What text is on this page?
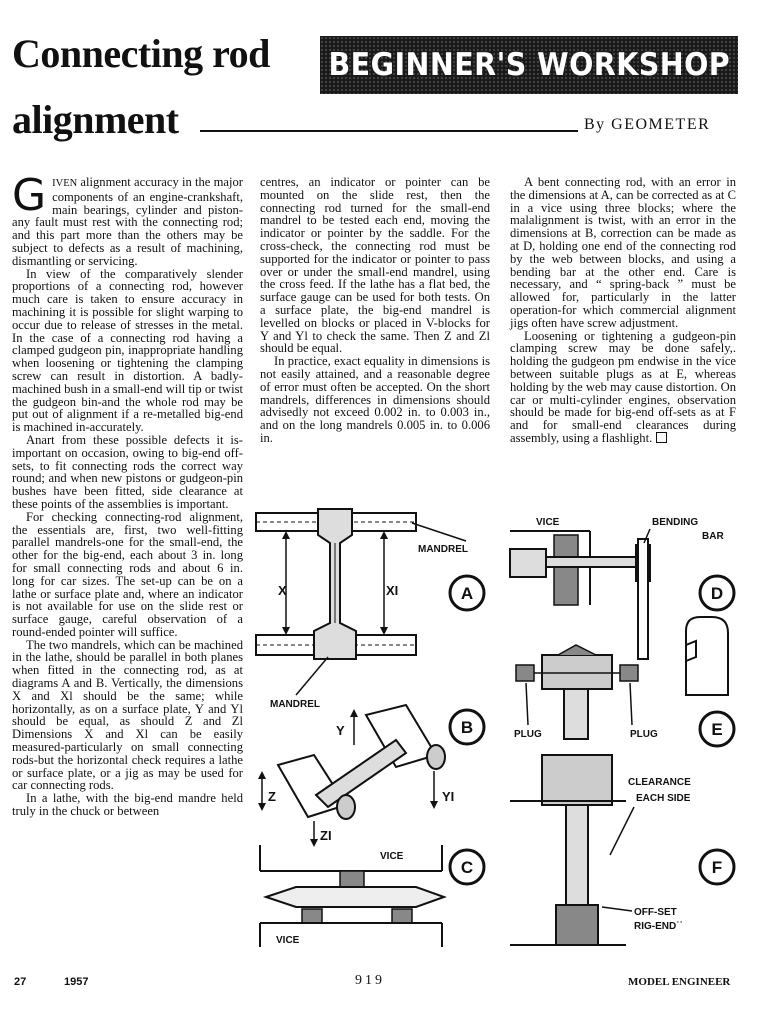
Connecting rod
alignment	By GEOMETER
BEGINNER'S WORKSHOP

GIVEN alignment accuracy in the major components of an engine-crankshaft, main bearings, cylinder and piston-any fault must rest with the connecting rod; and this part more than the others may be subject to defects as a result of machining, dismantling or servicing.

In view of the comparatively slender proportions of a connecting rod, however much care is taken to ensure accuracy in machining it is possible for slight warping to occur due to release of stresses in the metal. In the case of a connecting rod having a clamped gudgeon pin, inappropriate handling when loosening or tightening the clamping screw can result in distortion. A badly-machined bush in a small-end will tip or twist the gudgeon bin-and the whole rod may be put out of alignment if a re-metalled big-end is machined in-accurately.

Anart from these possible defects it is-important on occasion, owing to big-end off-sets, to fit connecting rods the correct way round; and when new pistons or gudgeon-pin bushes have been fitted, side clearance at these points of the assemblies is important.

For checking connecting-rod alignment, the essentials are, first, two well-fitting parallel mandrels-one for the small-end, the other for the big-end, each about 3 in. long for small connecting rods and about 6 in. long for car sizes. The set-up can be on a lathe or surface plate and, where an indicator is not available for use on the slide rest or surface gauge, careful observation of a round-ended pointer will suffice.

The two mandrels, which can be machined in the lathe, should be parallel in both planes when fitted in the connecting rod, as at diagrams A and B. Vertically, the dimensions X and Xl should be the same; while horizontally, as on a surface plate, Y and Yl should be equal, as should Z and Zl Dimensions X and Xl can be easily measured-particularly on small connecting rods-but the horizontal check requires a lathe or surface plate, or a jig as may be used for car connecting rods.

In a lathe, with the big-end mandre held truly in the chuck or between

centres, an indicator or pointer can be mounted on the slide rest, then the connecting rod turned for the small-end mandrel to be tested each end, moving the indicator or pointer by the saddle. For the cross-check, the connecting rod must be supported for the indicator or pointer to pass over or under the small-end mandrel, using the cross feed. If the lathe has a flat bed, the surface gauge can be used for both tests. On a surface plate, the big-end mandrel is levelled on blocks or placed in V-blocks for Y and Yl to check the same. Then Z and Zl should be equal.

In practice, exact equality in dimensions is not easily attained, and a reasonable degree of error must often be accepted. On the short mandrels, differences in dimensions should advisedly not exceed 0.002 in. to 0.003 in., and on the long mandrels 0.005 in. to 0.006 in.

A bent connecting rod, with an error in the dimensions at A, can be corrected as at C in a vice using three blocks; where the malalignment is twist, with an error in the dimensions at B, correction can be made as at D, holding one end of the connecting rod by the web between blocks, and using a bending bar at the other end. Care is necessary, and “ spring-back ” must be allowed for, particularly in the latter operation-for which commercial alignment jigs often have screw adjustment.

Loosening or tightening a gudgeon-pin clamping screw may be done safely,. holding the gudgeon pm endwise in the vice between suitable plugs as at E, whereas holding by the web may cause distortion. On car or multi-cylinder engines, observation should be made for big-end off-sets as at F and for small-end clearances during assembly, using a flashlight.

X	XI
MANDREL
MANDREL
A
Y
YI
Z
ZI
B
VICE
VICE
C
VICE	BENDING
BAR
D
PLUG	PLUG	E
CLEARANCE
EACH SIDE
OFF-SET
RIG-END˙˙
F
27	1957	919	MODEL ENGINEER
